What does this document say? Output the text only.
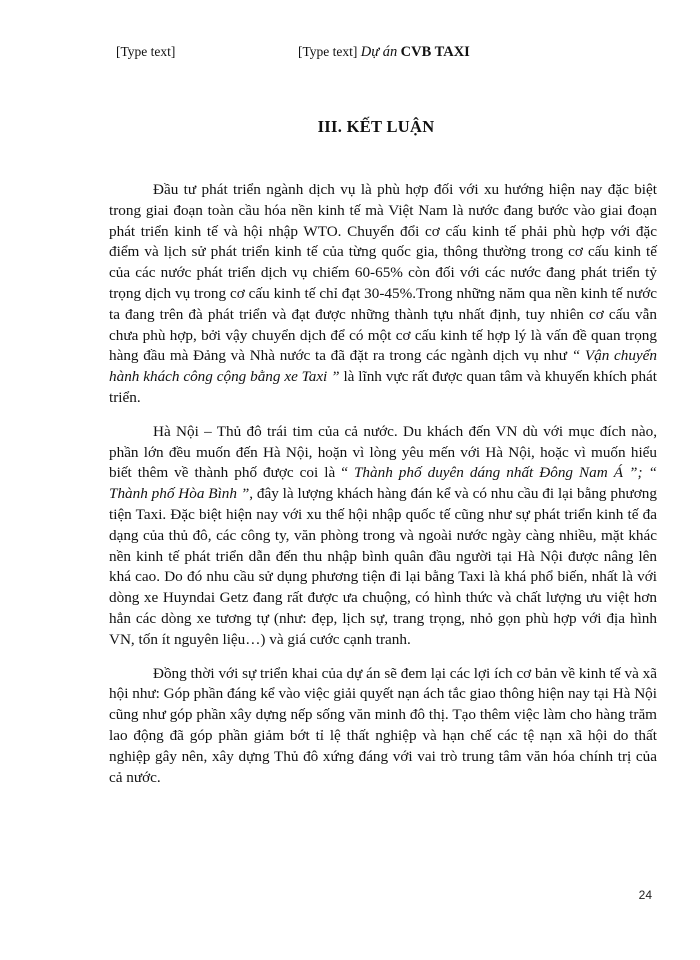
[Type text]	[Type text] Dự án CVB TAXI
III. KẾT LUẬN

Đầu tư phát triển ngành dịch vụ là phù hợp đối với xu hướng hiện nay đặc biệt trong giai đoạn toàn cầu hóa nền kinh tế mà Việt Nam là nước đang bước vào giai đoạn phát triển kinh tế và hội nhập WTO. Chuyển đổi cơ cấu kinh tế phải phù hợp với đặc điểm và lịch sử phát triển kinh tế của từng quốc gia, thông thường trong cơ cấu kinh tế của các nước phát triển dịch vụ chiếm 60-65% còn đối với các nước đang phát triển tỷ trọng dịch vụ trong cơ cấu kinh tế chỉ đạt 30-45%.Trong những năm qua nền kinh tế nước ta đang trên đà phát triển và đạt được những thành tựu nhất định, tuy nhiên cơ cấu vẫn chưa phù hợp, bởi vậy chuyển dịch để có một cơ cấu kinh tế hợp lý là vấn đề quan trọng hàng đầu mà Đảng và Nhà nước ta đã đặt ra trong các ngành dịch vụ như “ Vận chuyển hành khách công cộng bằng xe Taxi ” là lĩnh vực rất được quan tâm và khuyến khích phát triển.

Hà Nội – Thủ đô trái tim của cả nước. Du khách đến VN dù với mục đích nào, phần lớn đều muốn đến Hà Nội, hoặn vì lòng yêu mến với Hà Nội, hoặc vì muốn hiểu biết thêm về thành phố được coi là “ Thành phố duyên dáng nhất Đông Nam Á ”; “ Thành phố Hòa Bình ”, đây là lượng khách hàng đán kể và có nhu cầu đi lại bằng phương tiện Taxi. Đặc biệt hiện nay với xu thế hội nhập quốc tế cũng như sự phát triển kinh tế đa dạng của thủ đô, các công ty, văn phòng trong và ngoài nước ngày càng nhiều, mặt khác nền kinh tế phát triển dẫn đến thu nhập bình quân đầu người tại Hà Nội được nâng lên khá cao. Do đó nhu cầu sử dụng phương tiện đi lại bằng Taxi là khá phổ biến, nhất là với dòng xe Huyndai Getz đang rất được ưa chuộng, có hình thức và chất lượng ưu việt hơn hẳn các dòng xe tương tự (như: đẹp, lịch sự, trang trọng, nhỏ gọn phù hợp với địa hình VN, tốn ít nguyên liệu…) và giá cước cạnh tranh.

Đồng thời với sự triển khai của dự án sẽ đem lại các lợi ích cơ bản về kinh tế và xã hội như: Góp phần đáng kể vào việc giải quyết nạn ách tắc giao thông hiện nay tại Hà Nội cũng như góp phần xây dựng nếp sống văn minh đô thị. Tạo thêm việc làm cho hàng trăm lao động đã góp phần giảm bớt tỉ lệ thất nghiệp và hạn chế các tệ nạn xã hội do thất nghiệp gây nên, xây dựng Thủ đô xứng đáng với vai trò trung tâm văn hóa chính trị của cả nước.

24
